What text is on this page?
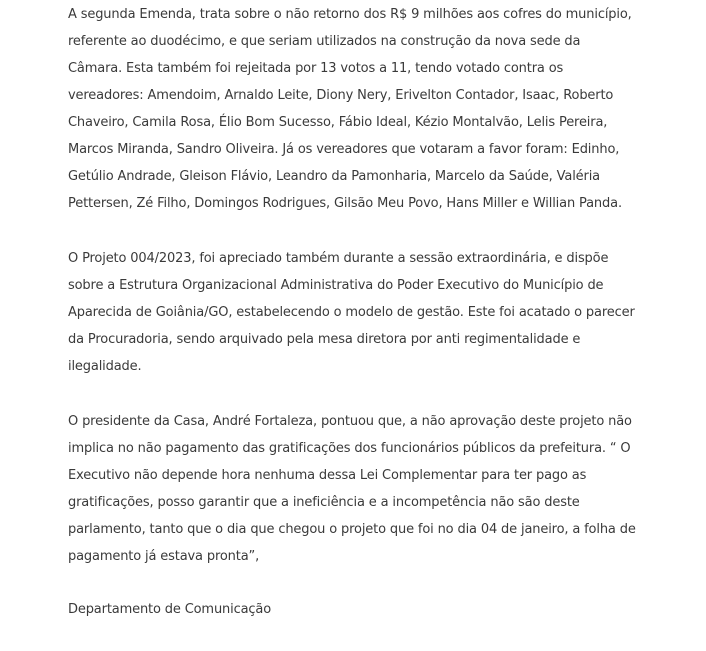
A segunda Emenda, trata sobre o não retorno dos R$ 9 milhões aos cofres do município, referente ao duodécimo, e que seriam utilizados na construção da nova sede da Câmara. Esta também foi rejeitada por 13 votos a 11, tendo votado contra os vereadores: Amendoim, Arnaldo Leite, Diony Nery, Erivelton Contador, Isaac, Roberto Chaveiro, Camila Rosa, Élio Bom Sucesso, Fábio Ideal, Kézio Montalvão, Lelis Pereira, Marcos Miranda, Sandro Oliveira. Já os vereadores que votaram a favor foram: Edinho, Getúlio Andrade, Gleison Flávio, Leandro da Pamonharia, Marcelo da Saúde, Valéria Pettersen, Zé Filho, Domingos Rodrigues, Gilsão Meu Povo, Hans Miller e Willian Panda.

O Projeto 004/2023, foi apreciado também durante a sessão extraordinária, e dispõe sobre a Estrutura Organizacional Administrativa do Poder Executivo do Município de Aparecida de Goiânia/GO, estabelecendo o modelo de gestão. Este foi acatado o parecer da Procuradoria, sendo arquivado pela mesa diretora por anti regimentalidade e ilegalidade.

O presidente da Casa, André Fortaleza, pontuou que, a não aprovação deste projeto não implica no não pagamento das gratificações dos funcionários públicos da prefeitura. “ O Executivo não depende hora nenhuma dessa Lei Complementar para ter pago as gratificações, posso garantir que a ineficiência e a incompetência não são deste parlamento, tanto que o dia que chegou o projeto que foi no dia 04 de janeiro, a folha de pagamento já estava pronta”,

Departamento de Comunicação
